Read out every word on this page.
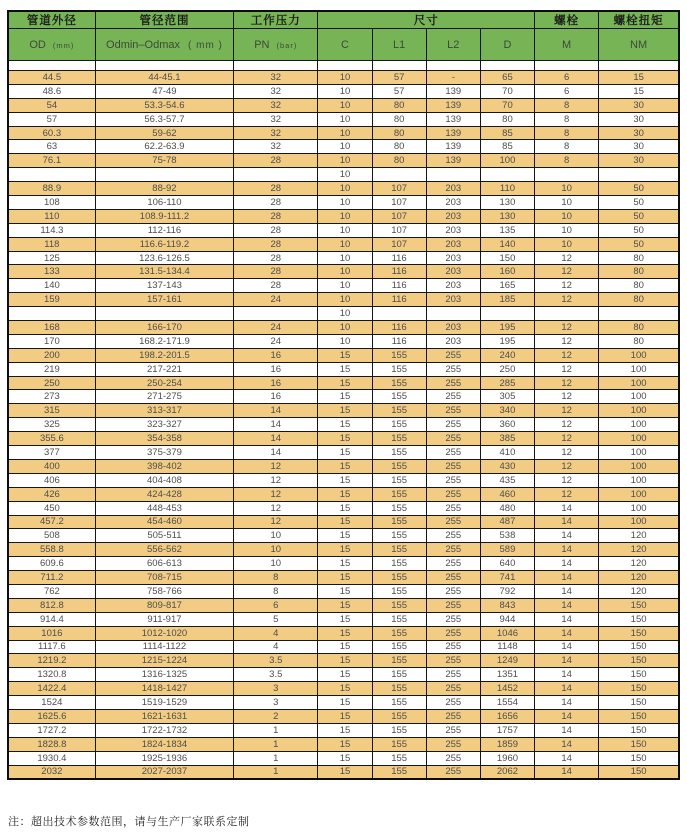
管道外径	管径范围	工作压力	尺寸				螺栓	螺栓扭矩
OD (mm)	Odmin–Odmax ( mm )	PN (bar)	C	L1	L2	D	M	NM

44.5	44-45.1	32	10	57	-	65	6	15
48.6	47-49	32	10	57	139	70	6	15
54	53.3-54.6	32	10	80	139	70	8	30
57	56.3-57.7	32	10	80	139	80	8	30
60.3	59-62	32	10	80	139	85	8	30
63	62.2-63.9	32	10	80	139	85	8	30
76.1	75-78	28	10	80	139	100	8	30
			10					
88.9	88-92	28	10	107	203	110	10	50
108	106-110	28	10	107	203	130	10	50
110	108.9-111.2	28	10	107	203	130	10	50
114.3	112-116	28	10	107	203	135	10	50
118	116.6-119.2	28	10	107	203	140	10	50
125	123.6-126.5	28	10	116	203	150	12	80
133	131.5-134.4	28	10	116	203	160	12	80
140	137-143	28	10	116	203	165	12	80
159	157-161	24	10	116	203	185	12	80
			10					
168	166-170	24	10	116	203	195	12	80
170	168.2-171.9	24	10	116	203	195	12	80
200	198.2-201.5	16	15	155	255	240	12	100
219	217-221	16	15	155	255	250	12	100
250	250-254	16	15	155	255	285	12	100
273	271-275	16	15	155	255	305	12	100
315	313-317	14	15	155	255	340	12	100
325	323-327	14	15	155	255	360	12	100
355.6	354-358	14	15	155	255	385	12	100
377	375-379	14	15	155	255	410	12	100
400	398-402	12	15	155	255	430	12	100
406	404-408	12	15	155	255	435	12	100
426	424-428	12	15	155	255	460	12	100
450	448-453	12	15	155	255	480	14	100
457.2	454-460	12	15	155	255	487	14	100
508	505-511	10	15	155	255	538	14	120
558.8	556-562	10	15	155	255	589	14	120
609.6	606-613	10	15	155	255	640	14	120
711.2	708-715	8	15	155	255	741	14	120
762	758-766	8	15	155	255	792	14	120
812.8	809-817	6	15	155	255	843	14	150
914.4	911-917	5	15	155	255	944	14	150
1016	1012-1020	4	15	155	255	1046	14	150
1117.6	1114-1122	4	15	155	255	1148	14	150
1219.2	1215-1224	3.5	15	155	255	1249	14	150
1320.8	1316-1325	3.5	15	155	255	1351	14	150
1422.4	1418-1427	3	15	155	255	1452	14	150
1524	1519-1529	3	15	155	255	1554	14	150
1625.6	1621-1631	2	15	155	255	1656	14	150
1727.2	1722-1732	1	15	155	255	1757	14	150
1828.8	1824-1834	1	15	155	255	1859	14	150
1930.4	1925-1936	1	15	155	255	1960	14	150
2032	2027-2037	1	15	155	255	2062	14	150
注：超出技术参数范围，请与生产厂家联系定制
